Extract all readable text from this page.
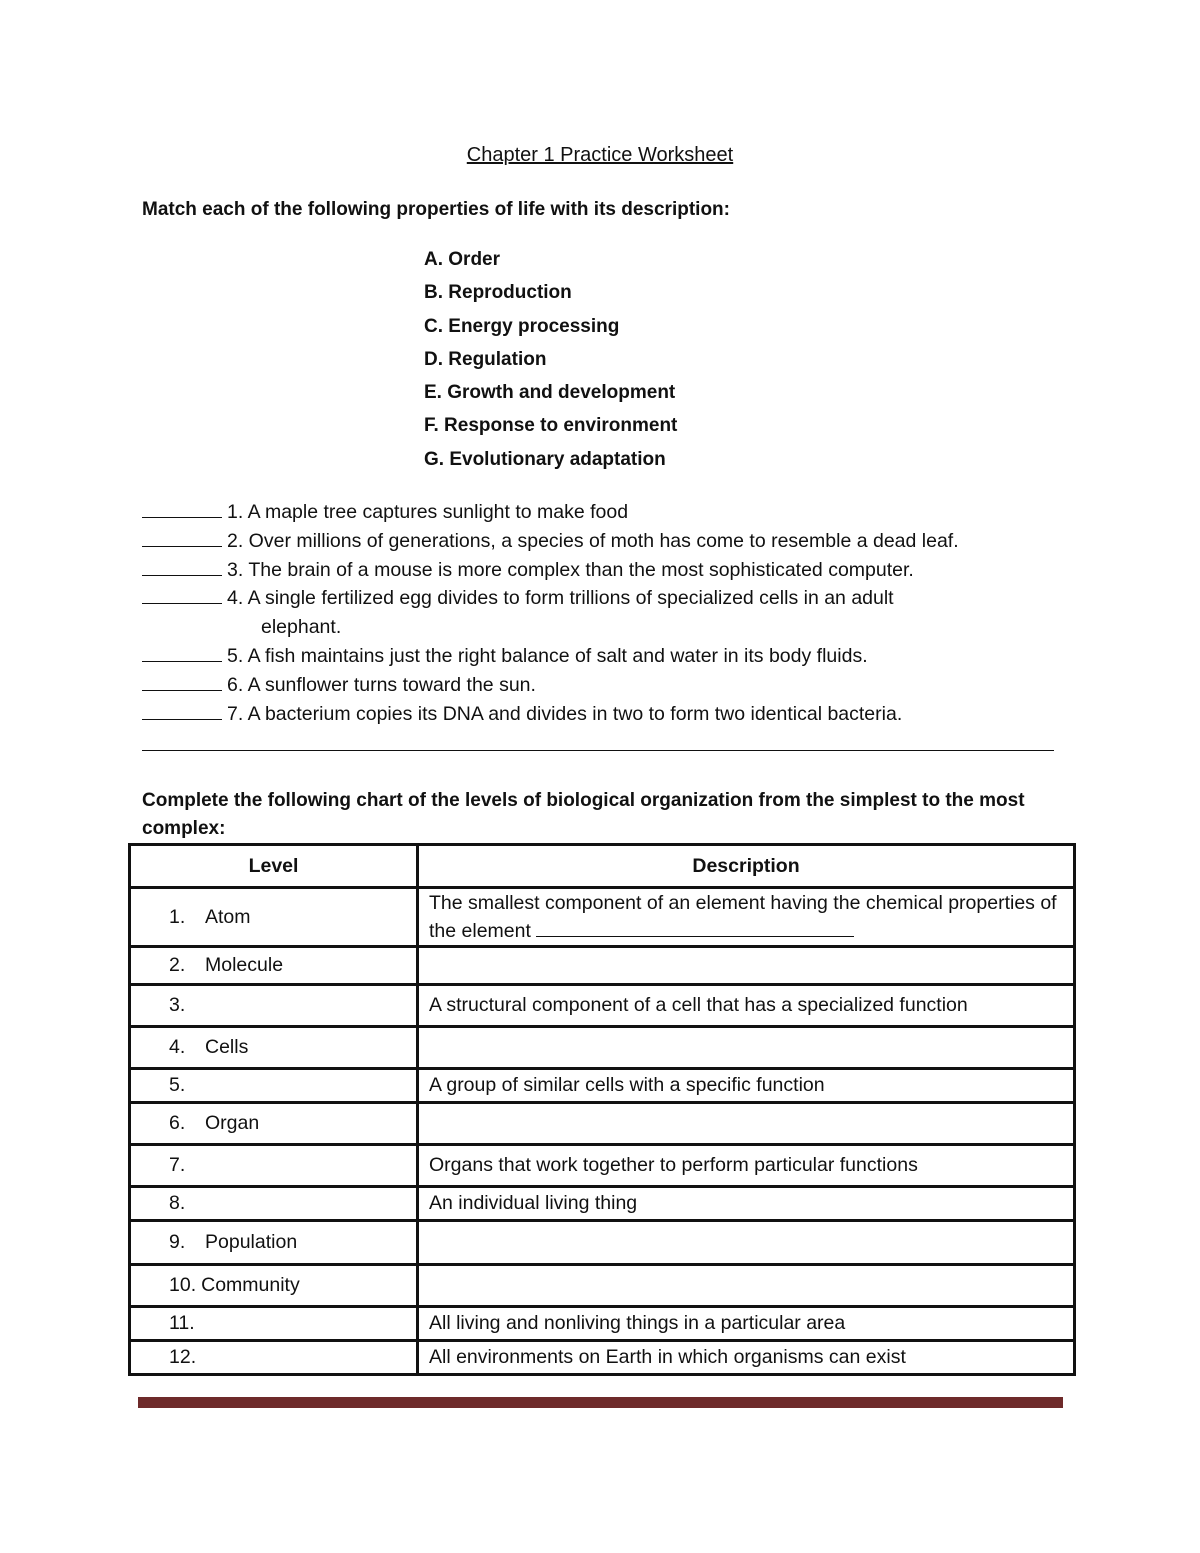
Chapter 1 Practice Worksheet
Match each of the following properties of life with its description:
A. Order
B. Reproduction
C. Energy processing
D. Regulation
E. Growth and development
F. Response to environment
G. Evolutionary adaptation
1. A maple tree captures sunlight to make food
2. Over millions of generations, a species of moth has come to resemble a dead leaf.
3. The brain of a mouse is more complex than the most sophisticated computer.
4. A single fertilized egg divides to form trillions of specialized cells in an adult
elephant.
5. A fish maintains just the right balance of salt and water in its body fluids.
6. A sunflower turns toward the sun.
7. A bacterium copies its DNA and divides in two to form two identical bacteria.
Complete the following chart of the levels of biological organization from the simplest to the most complex:
Level	Description
1. Atom	The smallest component of an element having the chemical properties of the element
2. Molecule	
3.	A structural component of a cell that has a specialized function
4. Cells	
5.	A group of similar cells with a specific function
6. Organ	
7.	Organs that work together to perform particular functions
8.	An individual living thing
9. Population	
10. Community	
11.	All living and nonliving things in a particular area
12.	All environments on Earth in which organisms can exist
